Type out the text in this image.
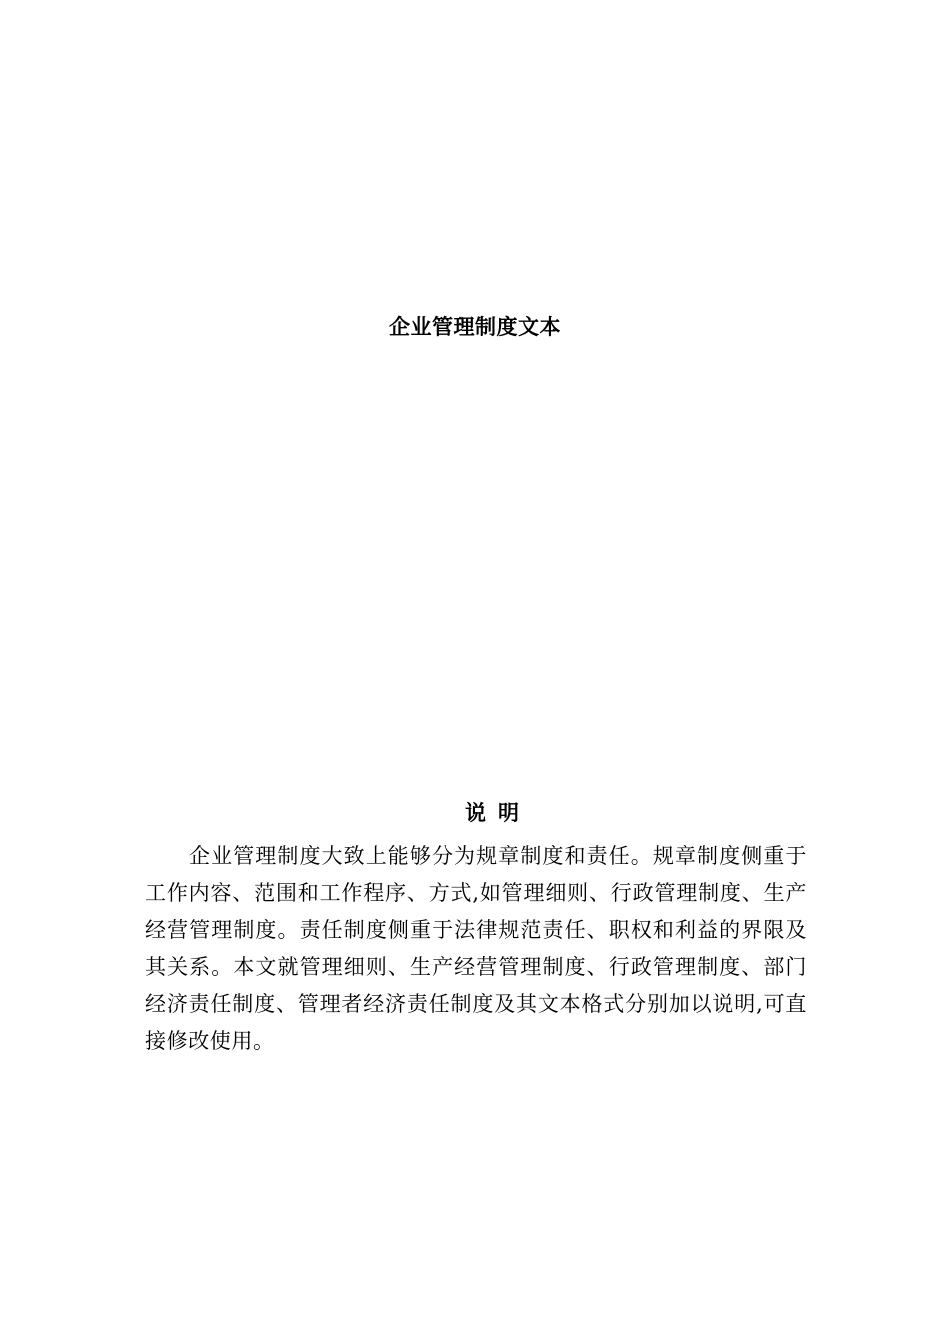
企业管理制度文本
说明

企业管理制度大致上能够分为规章制度和责任。规章制度侧重于工作内容、范围和工作程序、方式,如管理细则、行政管理制度、生产经营管理制度。责任制度侧重于法律规范责任、职权和利益的界限及其关系。本文就管理细则、生产经营管理制度、行政管理制度、部门经济责任制度、管理者经济责任制度及其文本格式分别加以说明,可直接修改使用。
